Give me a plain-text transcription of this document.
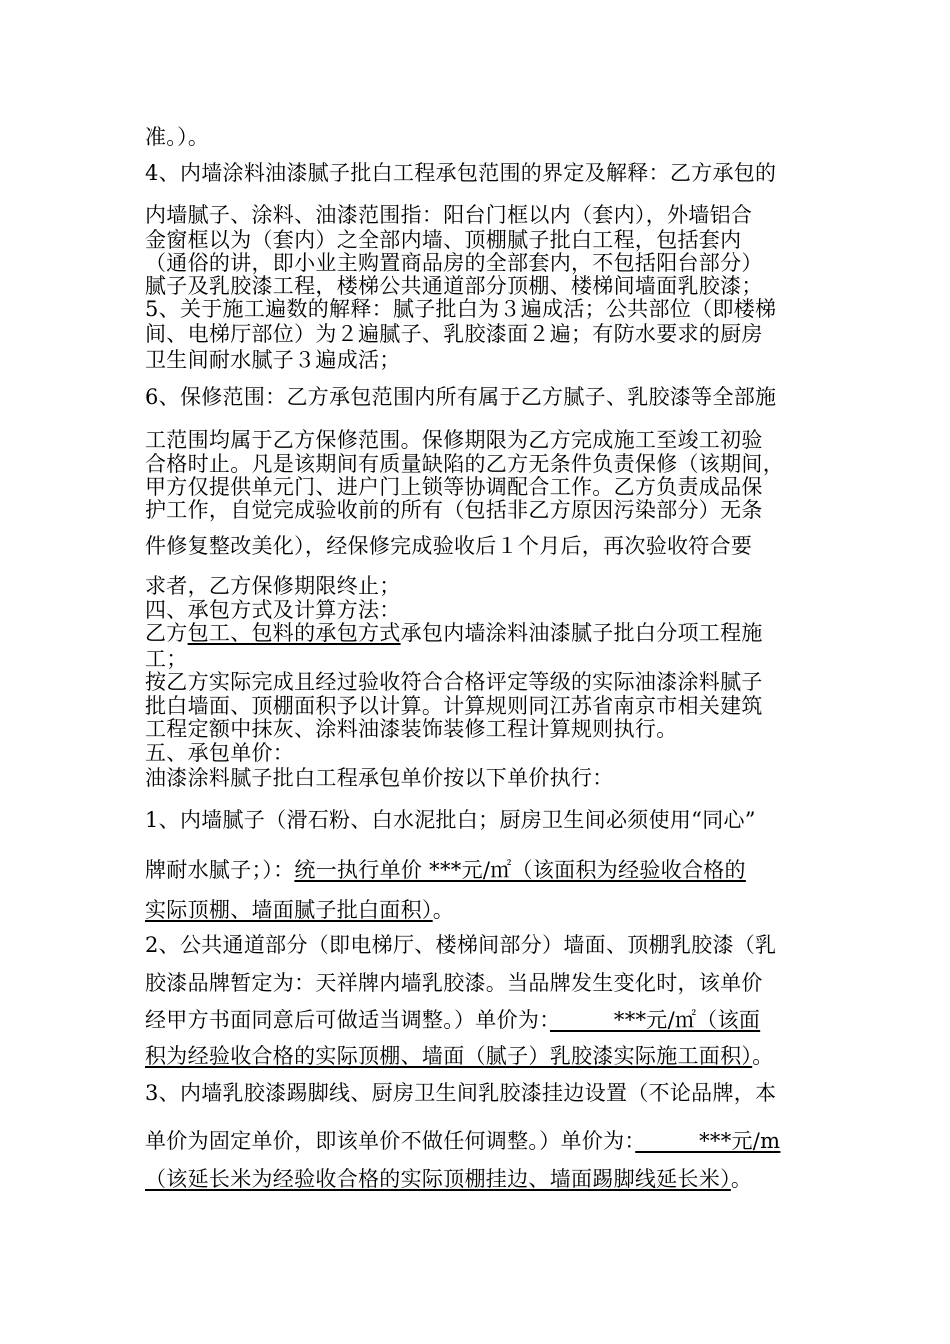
准。）。
4、内墙涂料油漆腻子批白工程承包范围的界定及解释：乙方承包的
内墙腻子、涂料、油漆范围指：阳台门框以内（套内），外墙铝合
金窗框以为（套内）之全部内墙、顶棚腻子批白工程，包括套内
（通俗的讲，即小业主购置商品房的全部套内，不包括阳台部分）
腻子及乳胶漆工程，楼梯公共通道部分顶棚、楼梯间墙面乳胶漆；
5、关于施工遍数的解释：腻子批白为３遍成活；公共部位（即楼梯
间、电梯厅部位）为２遍腻子、乳胶漆面２遍；有防水要求的厨房
卫生间耐水腻子３遍成活；
6、保修范围：乙方承包范围内所有属于乙方腻子、乳胶漆等全部施
工范围均属于乙方保修范围。保修期限为乙方完成施工至竣工初验
合格时止。凡是该期间有质量缺陷的乙方无条件负责保修（该期间，
甲方仅提供单元门、进户门上锁等协调配合工作。乙方负责成品保
护工作，自觉完成验收前的所有（包括非乙方原因污染部分）无条
件修复整改美化），经保修完成验收后１个月后，再次验收符合要
求者，乙方保修期限终止；
四、承包方式及计算方法：
乙方包工、包料的承包方式承包内墙涂料油漆腻子批白分项工程施
工；
按乙方实际完成且经过验收符合合格评定等级的实际油漆涂料腻子
批白墙面、顶棚面积予以计算。计算规则同江苏省南京市相关建筑
工程定额中抹灰、涂料油漆装饰装修工程计算规则执行。
五、承包单价：
油漆涂料腻子批白工程承包单价按以下单价执行：
1、内墙腻子（滑石粉、白水泥批白；厨房卫生间必须使用“同心”
牌耐水腻子；）：统一执行单价 ***元/㎡（该面积为经验收合格的
实际顶棚、墙面腻子批白面积）。
2、公共通道部分（即电梯厅、楼梯间部分）墙面、顶棚乳胶漆（乳
胶漆品牌暂定为：天祥牌内墙乳胶漆。当品牌发生变化时，该单价
经甲方书面同意后可做适当调整。）单价为：　　　***元/㎡（该面
积为经验收合格的实际顶棚、墙面（腻子）乳胶漆实际施工面积）。
3、内墙乳胶漆踢脚线、厨房卫生间乳胶漆挂边设置（不论品牌，本
单价为固定单价，即该单价不做任何调整。）单价为：　　　***元/m
（该延长米为经验收合格的实际顶棚挂边、墙面踢脚线延长米）。
